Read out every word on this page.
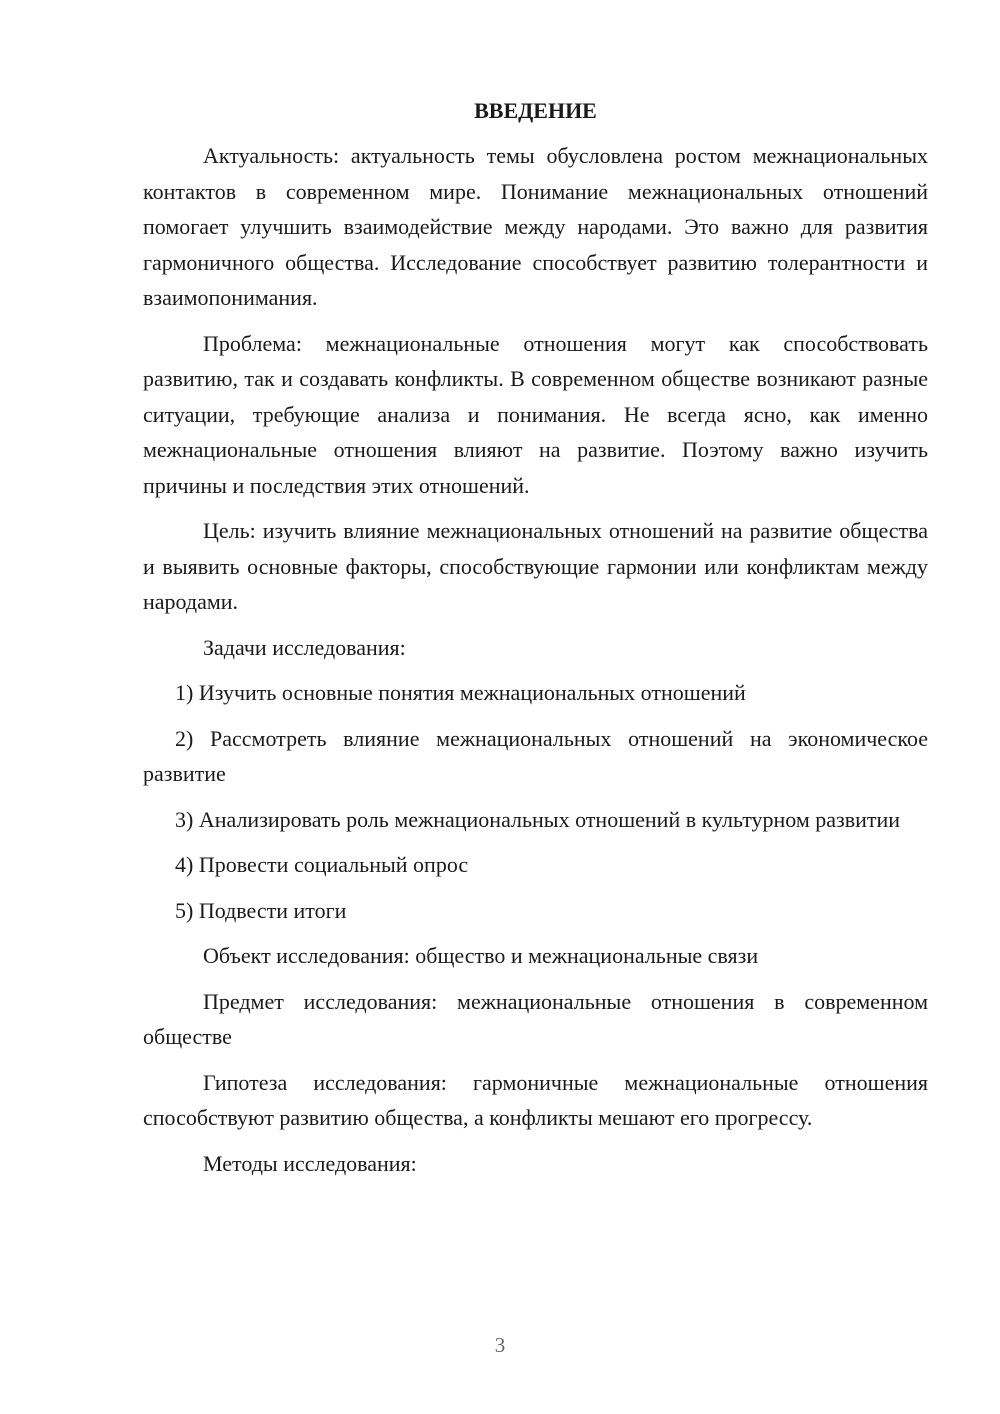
ВВЕДЕНИЕ

Актуальность: актуальность темы обусловлена ростом межнациональных контактов в современном мире. Понимание межнациональных отношений помогает улучшить взаимодействие между народами. Это важно для развития гармоничного общества. Исследование способствует развитию толерантности и взаимопонимания.

Проблема: межнациональные отношения могут как способствовать развитию, так и создавать конфликты. В современном обществе возникают разные ситуации, требующие анализа и понимания. Не всегда ясно, как именно межнациональные отношения влияют на развитие. Поэтому важно изучить причины и последствия этих отношений.

Цель: изучить влияние межнациональных отношений на развитие общества и выявить основные факторы, способствующие гармонии или конфликтам между народами.

Задачи исследования:

1) Изучить основные понятия межнациональных отношений

2) Рассмотреть влияние межнациональных отношений на экономическое развитие

3) Анализировать роль межнациональных отношений в культурном развитии

4) Провести социальный опрос

5) Подвести итоги

Объект исследования: общество и межнациональные связи

Предмет исследования: межнациональные отношения в современном обществе

Гипотеза исследования: гармоничные межнациональные отношения способствуют развитию общества, а конфликты мешают его прогрессу.

Методы исследования:

3
